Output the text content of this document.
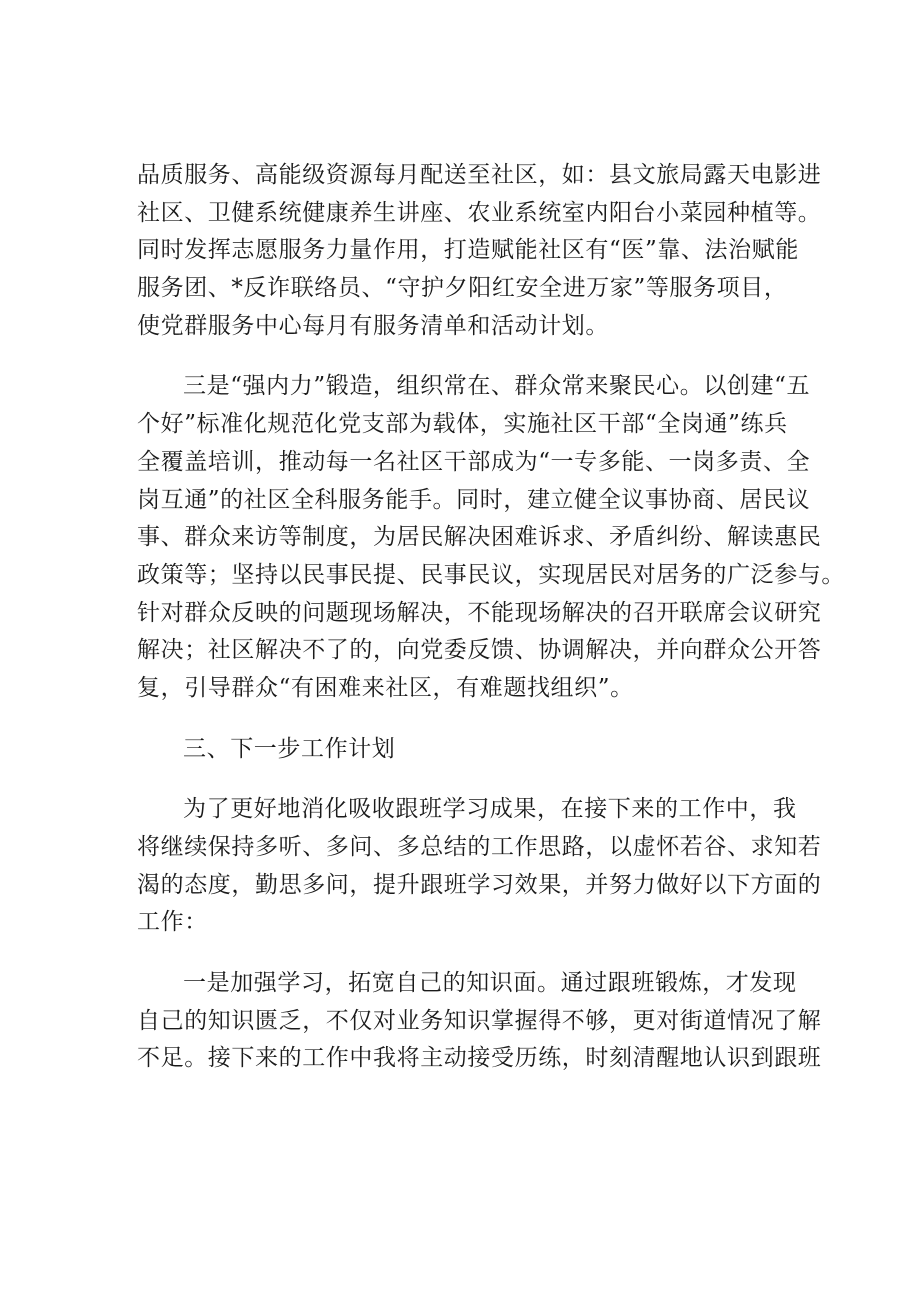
品质服务、高能级资源每月配送至社区，如：县文旅局露天电影进
社区、卫健系统健康养生讲座、农业系统室内阳台小菜园种植等。
同时发挥志愿服务力量作用，打造赋能社区有“医”靠、法治赋能
服务团、*反诈联络员、“守护夕阳红安全进万家”等服务项目，
使党群服务中心每月有服务清单和活动计划。
三是“强内力”锻造，组织常在、群众常来聚民心。以创建“五
个好”标准化规范化党支部为载体，实施社区干部“全岗通”练兵
全覆盖培训，推动每一名社区干部成为“一专多能、一岗多责、全
岗互通”的社区全科服务能手。同时，建立健全议事协商、居民议
事、群众来访等制度，为居民解决困难诉求、矛盾纠纷、解读惠民
政策等；坚持以民事民提、民事民议，实现居民对居务的广泛参与。
针对群众反映的问题现场解决，不能现场解决的召开联席会议研究
解决；社区解决不了的，向党委反馈、协调解决，并向群众公开答
复，引导群众“有困难来社区，有难题找组织”。
三、下一步工作计划
为了更好地消化吸收跟班学习成果，在接下来的工作中，我
将继续保持多听、多问、多总结的工作思路，以虚怀若谷、求知若
渴的态度，勤思多问，提升跟班学习效果，并努力做好以下方面的
工作：
一是加强学习，拓宽自己的知识面。通过跟班锻炼，才发现
自己的知识匮乏，不仅对业务知识掌握得不够，更对街道情况了解
不足。接下来的工作中我将主动接受历练，时刻清醒地认识到跟班
